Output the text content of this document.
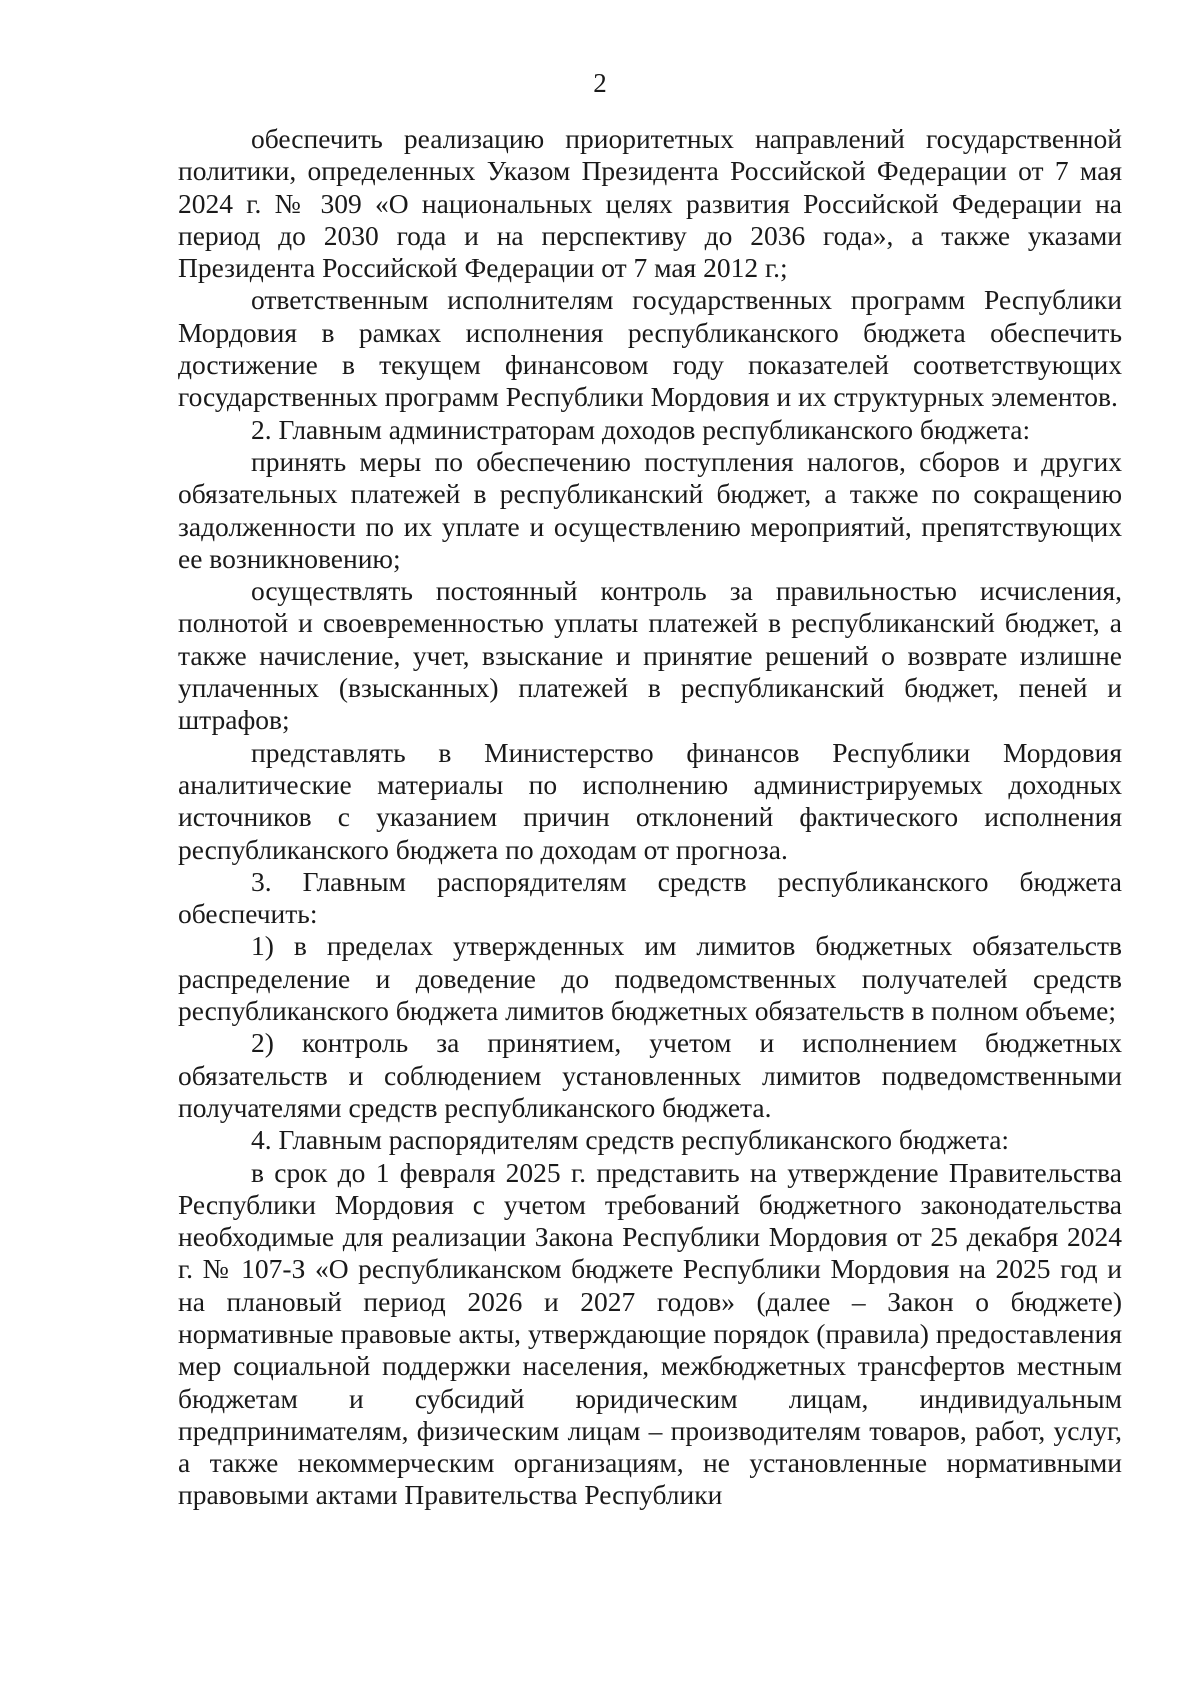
2

обеспечить реализацию приоритетных направлений государственной политики, определенных Указом Президента Российской Федерации от 7 мая 2024 г. № 309 «О национальных целях развития Российской Федерации на период до 2030 года и на перспективу до 2036 года», а также указами Президента Российской Федерации от 7 мая 2012 г.;

ответственным исполнителям государственных программ Республики Мордовия в рамках исполнения республиканского бюджета обеспечить достижение в текущем финансовом году показателей соответствующих государственных программ Республики Мордовия и их структурных элементов.

2. Главным администраторам доходов республиканского бюджета:

принять меры по обеспечению поступления налогов, сборов и других обязательных платежей в республиканский бюджет, а также по сокращению задолженности по их уплате и осуществлению мероприятий, препятствующих ее возникновению;

осуществлять постоянный контроль за правильностью исчисления, полнотой и своевременностью уплаты платежей в республиканский бюджет, а также начисление, учет, взыскание и принятие решений о возврате излишне уплаченных (взысканных) платежей в республиканский бюджет, пеней и штрафов;

представлять в Министерство финансов Республики Мордовия аналитические материалы по исполнению администрируемых доходных источников с указанием причин отклонений фактического исполнения республиканского бюджета по доходам от прогноза.

3. Главным распорядителям средств республиканского бюджета обеспечить:

1) в пределах утвержденных им лимитов бюджетных обязательств распределение и доведение до подведомственных получателей средств республиканского бюджета лимитов бюджетных обязательств в полном объеме;

2) контроль за принятием, учетом и исполнением бюджетных обязательств и соблюдением установленных лимитов подведомственными получателями средств республиканского бюджета.

4. Главным распорядителям средств республиканского бюджета:

в срок до 1 февраля 2025 г. представить на утверждение Правительства Республики Мордовия с учетом требований бюджетного законодательства необходимые для реализации Закона Республики Мордовия от 25 декабря 2024 г. № 107-З «О республиканском бюджете Республики Мордовия на 2025 год и на плановый период 2026 и 2027 годов» (далее – Закон о бюджете) нормативные правовые акты, утверждающие порядок (правила) предоставления мер социальной поддержки населения, межбюджетных трансфертов местным бюджетам и субсидий юридическим лицам, индивидуальным предпринимателям, физическим лицам – производителям товаров, работ, услуг, а также некоммерческим организациям, не установленные нормативными правовыми актами Правительства Республики
